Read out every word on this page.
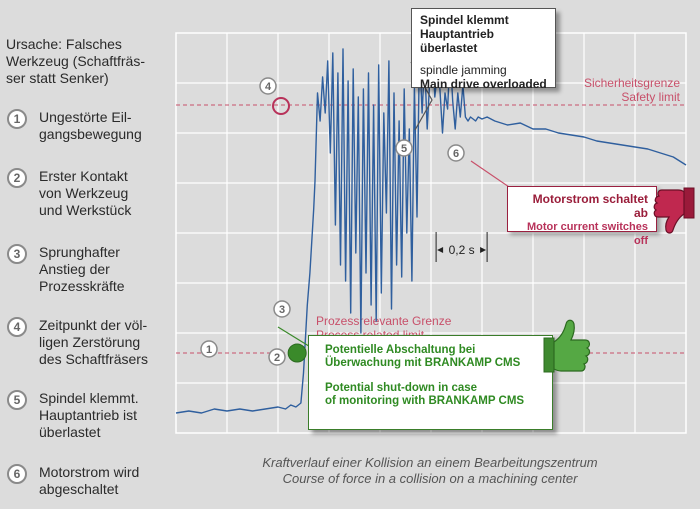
Ursache: Falsches
Werkzeug (Schaftfräs-
ser statt Senker)
1	Ungestörte Eil-
gangsbewegung
2	Erster Kontakt
von Werkzeug
und Werkstück
3	Sprunghafter
Anstieg der
Prozesskräfte
4	Zeitpunkt der völ-
ligen Zerstörung
des Schaftfräsers
5	Spindel klemmt.
Hauptantrieb ist
überlastet
6	Motorstrom wird
abgeschaltet
Sicherheitsgrenze
Safety limit
Prozessrelevante Grenze
0,2 s
1
2
3
4
5	6
Spindel klemmt
Hauptantrieb überlastet
spindle jamming
Main drive overloaded
Motorstrom schaltet ab
Motor current switches off
Potentielle Abschaltung bei
Überwachung mit BRANKAMP CMS
Potential shut-down in case
of monitoring with BRANKAMP CMS
Kraftverlauf einer Kollision an einem Bearbeitungszentrum
Course of force in a collision on a machining center
